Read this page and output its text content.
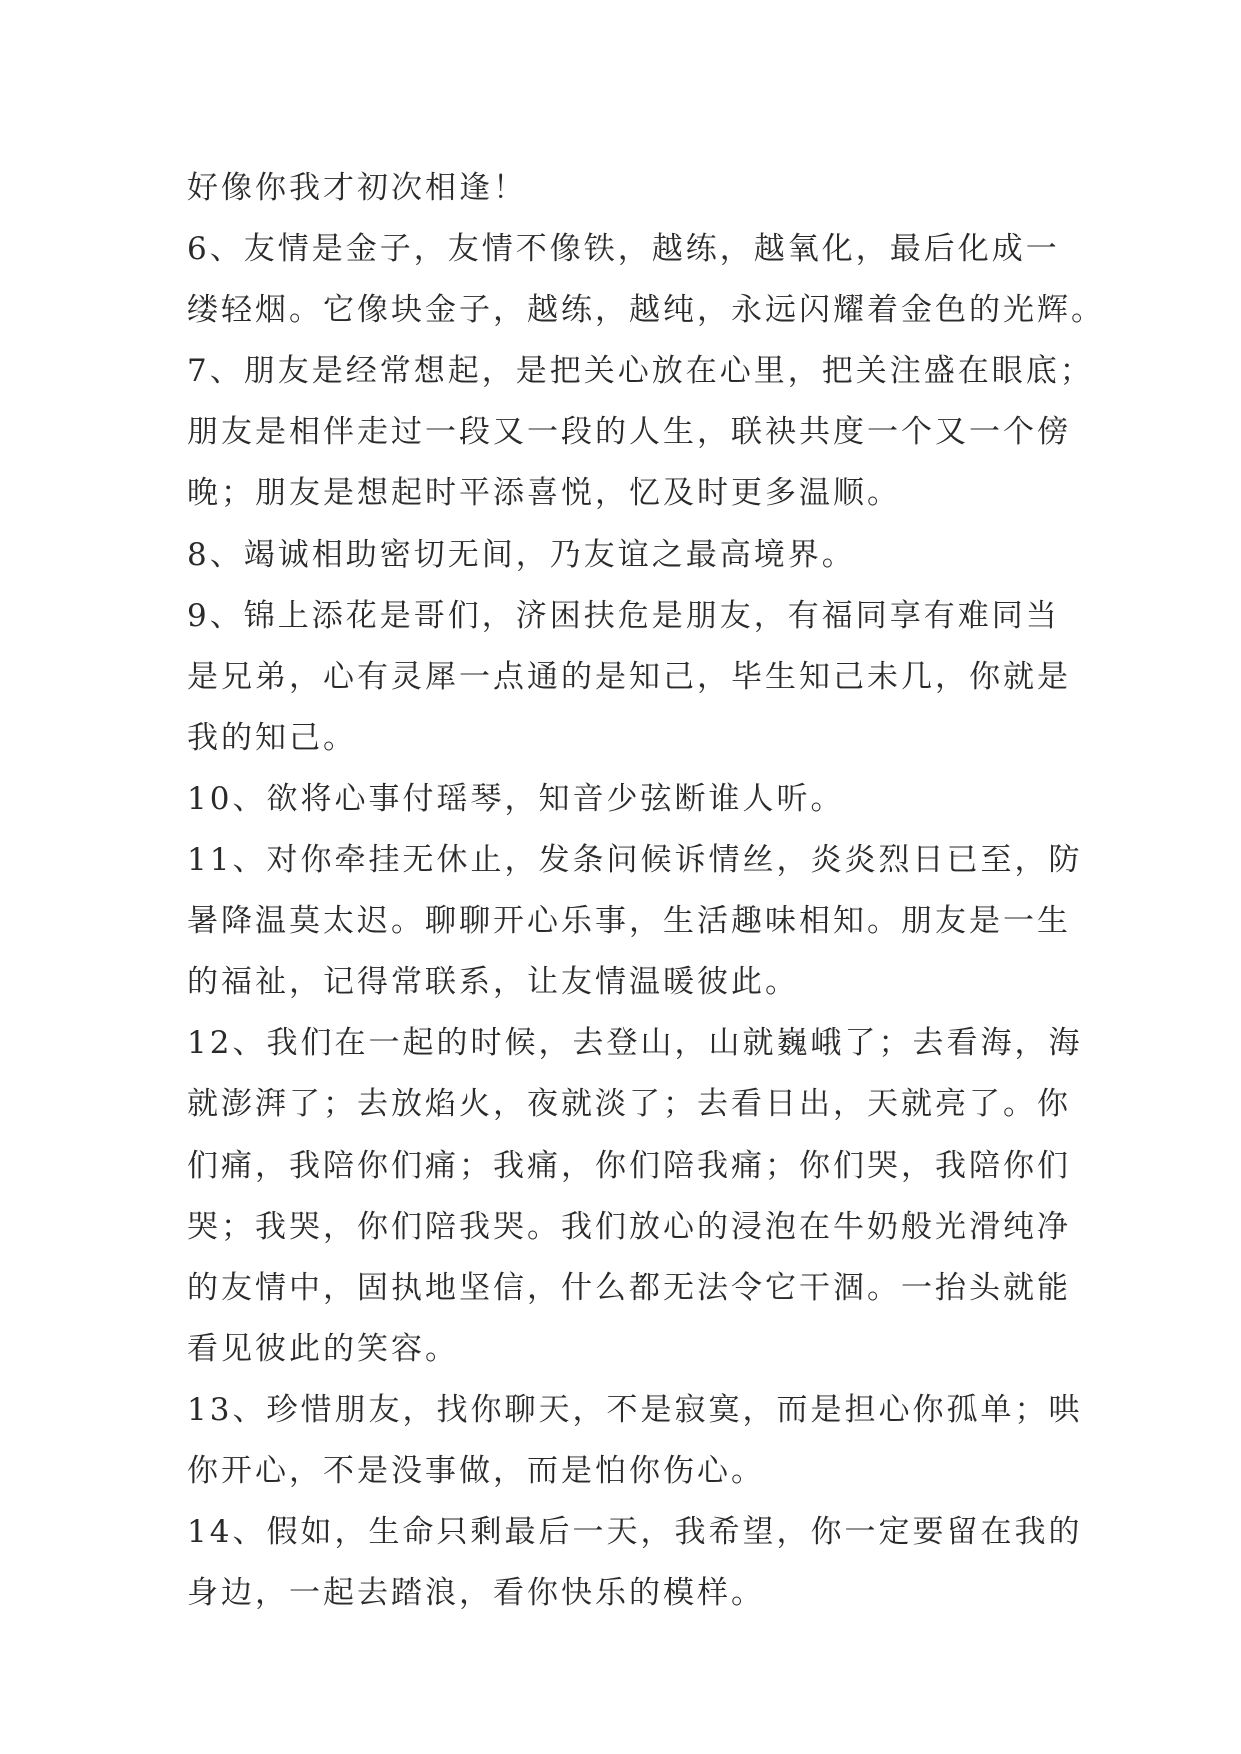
好像你我才初次相逢！
6、友情是金子，友情不像铁，越练，越氧化，最后化成一
缕轻烟。它像块金子，越练，越纯，永远闪耀着金色的光辉。
7、朋友是经常想起，是把关心放在心里，把关注盛在眼底；
朋友是相伴走过一段又一段的人生，联袂共度一个又一个傍
晚；朋友是想起时平添喜悦，忆及时更多温顺。
8、竭诚相助密切无间，乃友谊之最高境界。
9、锦上添花是哥们，济困扶危是朋友，有福同享有难同当
是兄弟，心有灵犀一点通的是知己，毕生知己未几，你就是
我的知己。
10、欲将心事付瑶琴，知音少弦断谁人听。
11、对你牵挂无休止，发条问候诉情丝，炎炎烈日已至，防
暑降温莫太迟。聊聊开心乐事，生活趣味相知。朋友是一生
的福祉，记得常联系，让友情温暖彼此。
12、我们在一起的时候，去登山，山就巍峨了；去看海，海
就澎湃了；去放焰火，夜就淡了；去看日出，天就亮了。你
们痛，我陪你们痛；我痛，你们陪我痛；你们哭，我陪你们
哭；我哭，你们陪我哭。我们放心的浸泡在牛奶般光滑纯净
的友情中，固执地坚信，什么都无法令它干涸。一抬头就能
看见彼此的笑容。
13、珍惜朋友，找你聊天，不是寂寞，而是担心你孤单；哄
你开心，不是没事做，而是怕你伤心。
14、假如，生命只剩最后一天，我希望，你一定要留在我的
身边，一起去踏浪，看你快乐的模样。
